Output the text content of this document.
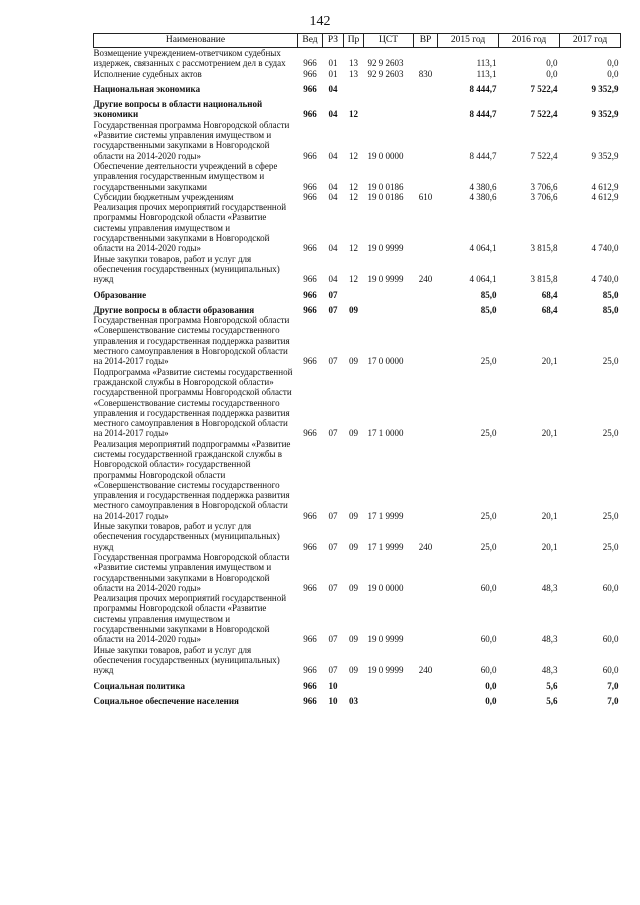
142
Наименование	Вед	РЗ	Пр	ЦСТ	ВР	2015 год	2016 год	2017 год
Возмещение учреждением-ответчиком судебных издержек, связанных с рассмотрением дел в судах	966	01	13	92 9 2603		113,1	0,0	0,0
Исполнение судебных актов	966	01	13	92 9 2603	830	113,1	0,0	0,0
Национальная экономика	966	04				8 444,7	7 522,4	9 352,9
Другие вопросы в области национальной экономики	966	04	12			8 444,7	7 522,4	9 352,9
Государственная программа Новгородской области «Развитие системы управления имуществом и государственными закупками в Новгородской области на 2014-2020 годы»	966	04	12	19 0 0000		8 444,7	7 522,4	9 352,9
Обеспечение деятельности учреждений в сфере управления государственным имуществом и государственными закупками	966	04	12	19 0 0186		4 380,6	3 706,6	4 612,9
Субсидии бюджетным учреждениям	966	04	12	19 0 0186	610	4 380,6	3 706,6	4 612,9
Реализация прочих мероприятий государственной программы Новгородской области «Развитие системы управления имуществом и государственными закупками в Новгородской области на 2014-2020 годы»	966	04	12	19 0 9999		4 064,1	3 815,8	4 740,0
Иные закупки товаров, работ и услуг для обеспечения государственных (муниципальных) нужд	966	04	12	19 0 9999	240	4 064,1	3 815,8	4 740,0
Образование	966	07				85,0	68,4	85,0
Другие вопросы в области образования	966	07	09			85,0	68,4	85,0
Государственная программа Новгородской области «Совершенствование системы государственного управления и государственная поддержка развития местного самоуправления в Новгородской области на 2014-2017 годы»	966	07	09	17 0 0000		25,0	20,1	25,0
Подпрограмма «Развитие системы государственной гражданской службы в Новгородской области» государственной программы Новгородской области «Совершенствование системы государственного управления и государственная поддержка развития местного самоуправления в Новгородской области на 2014-2017 годы»	966	07	09	17 1 0000		25,0	20,1	25,0
Реализация мероприятий подпрограммы «Развитие системы государственной гражданской службы в Новгородской области» государственной программы Новгородской области «Совершенствование системы государственного управления и государственная поддержка развития местного самоуправления в Новгородской области на 2014-2017 годы»	966	07	09	17 1 9999		25,0	20,1	25,0
Иные закупки товаров, работ и услуг для обеспечения государственных (муниципальных) нужд	966	07	09	17 1 9999	240	25,0	20,1	25,0
Государственная программа Новгородской области «Развитие системы управления имуществом и государственными закупками в Новгородской области на 2014-2020 годы»	966	07	09	19 0 0000		60,0	48,3	60,0
Реализация прочих мероприятий государственной программы Новгородской области «Развитие системы управления имуществом и государственными закупками в Новгородской области на 2014-2020 годы»	966	07	09	19 0 9999		60,0	48,3	60,0
Иные закупки товаров, работ и услуг для обеспечения государственных (муниципальных) нужд	966	07	09	19 0 9999	240	60,0	48,3	60,0
Социальная политика	966	10				0,0	5,6	7,0
Социальное обеспечение населения	966	10	03			0,0	5,6	7,0
